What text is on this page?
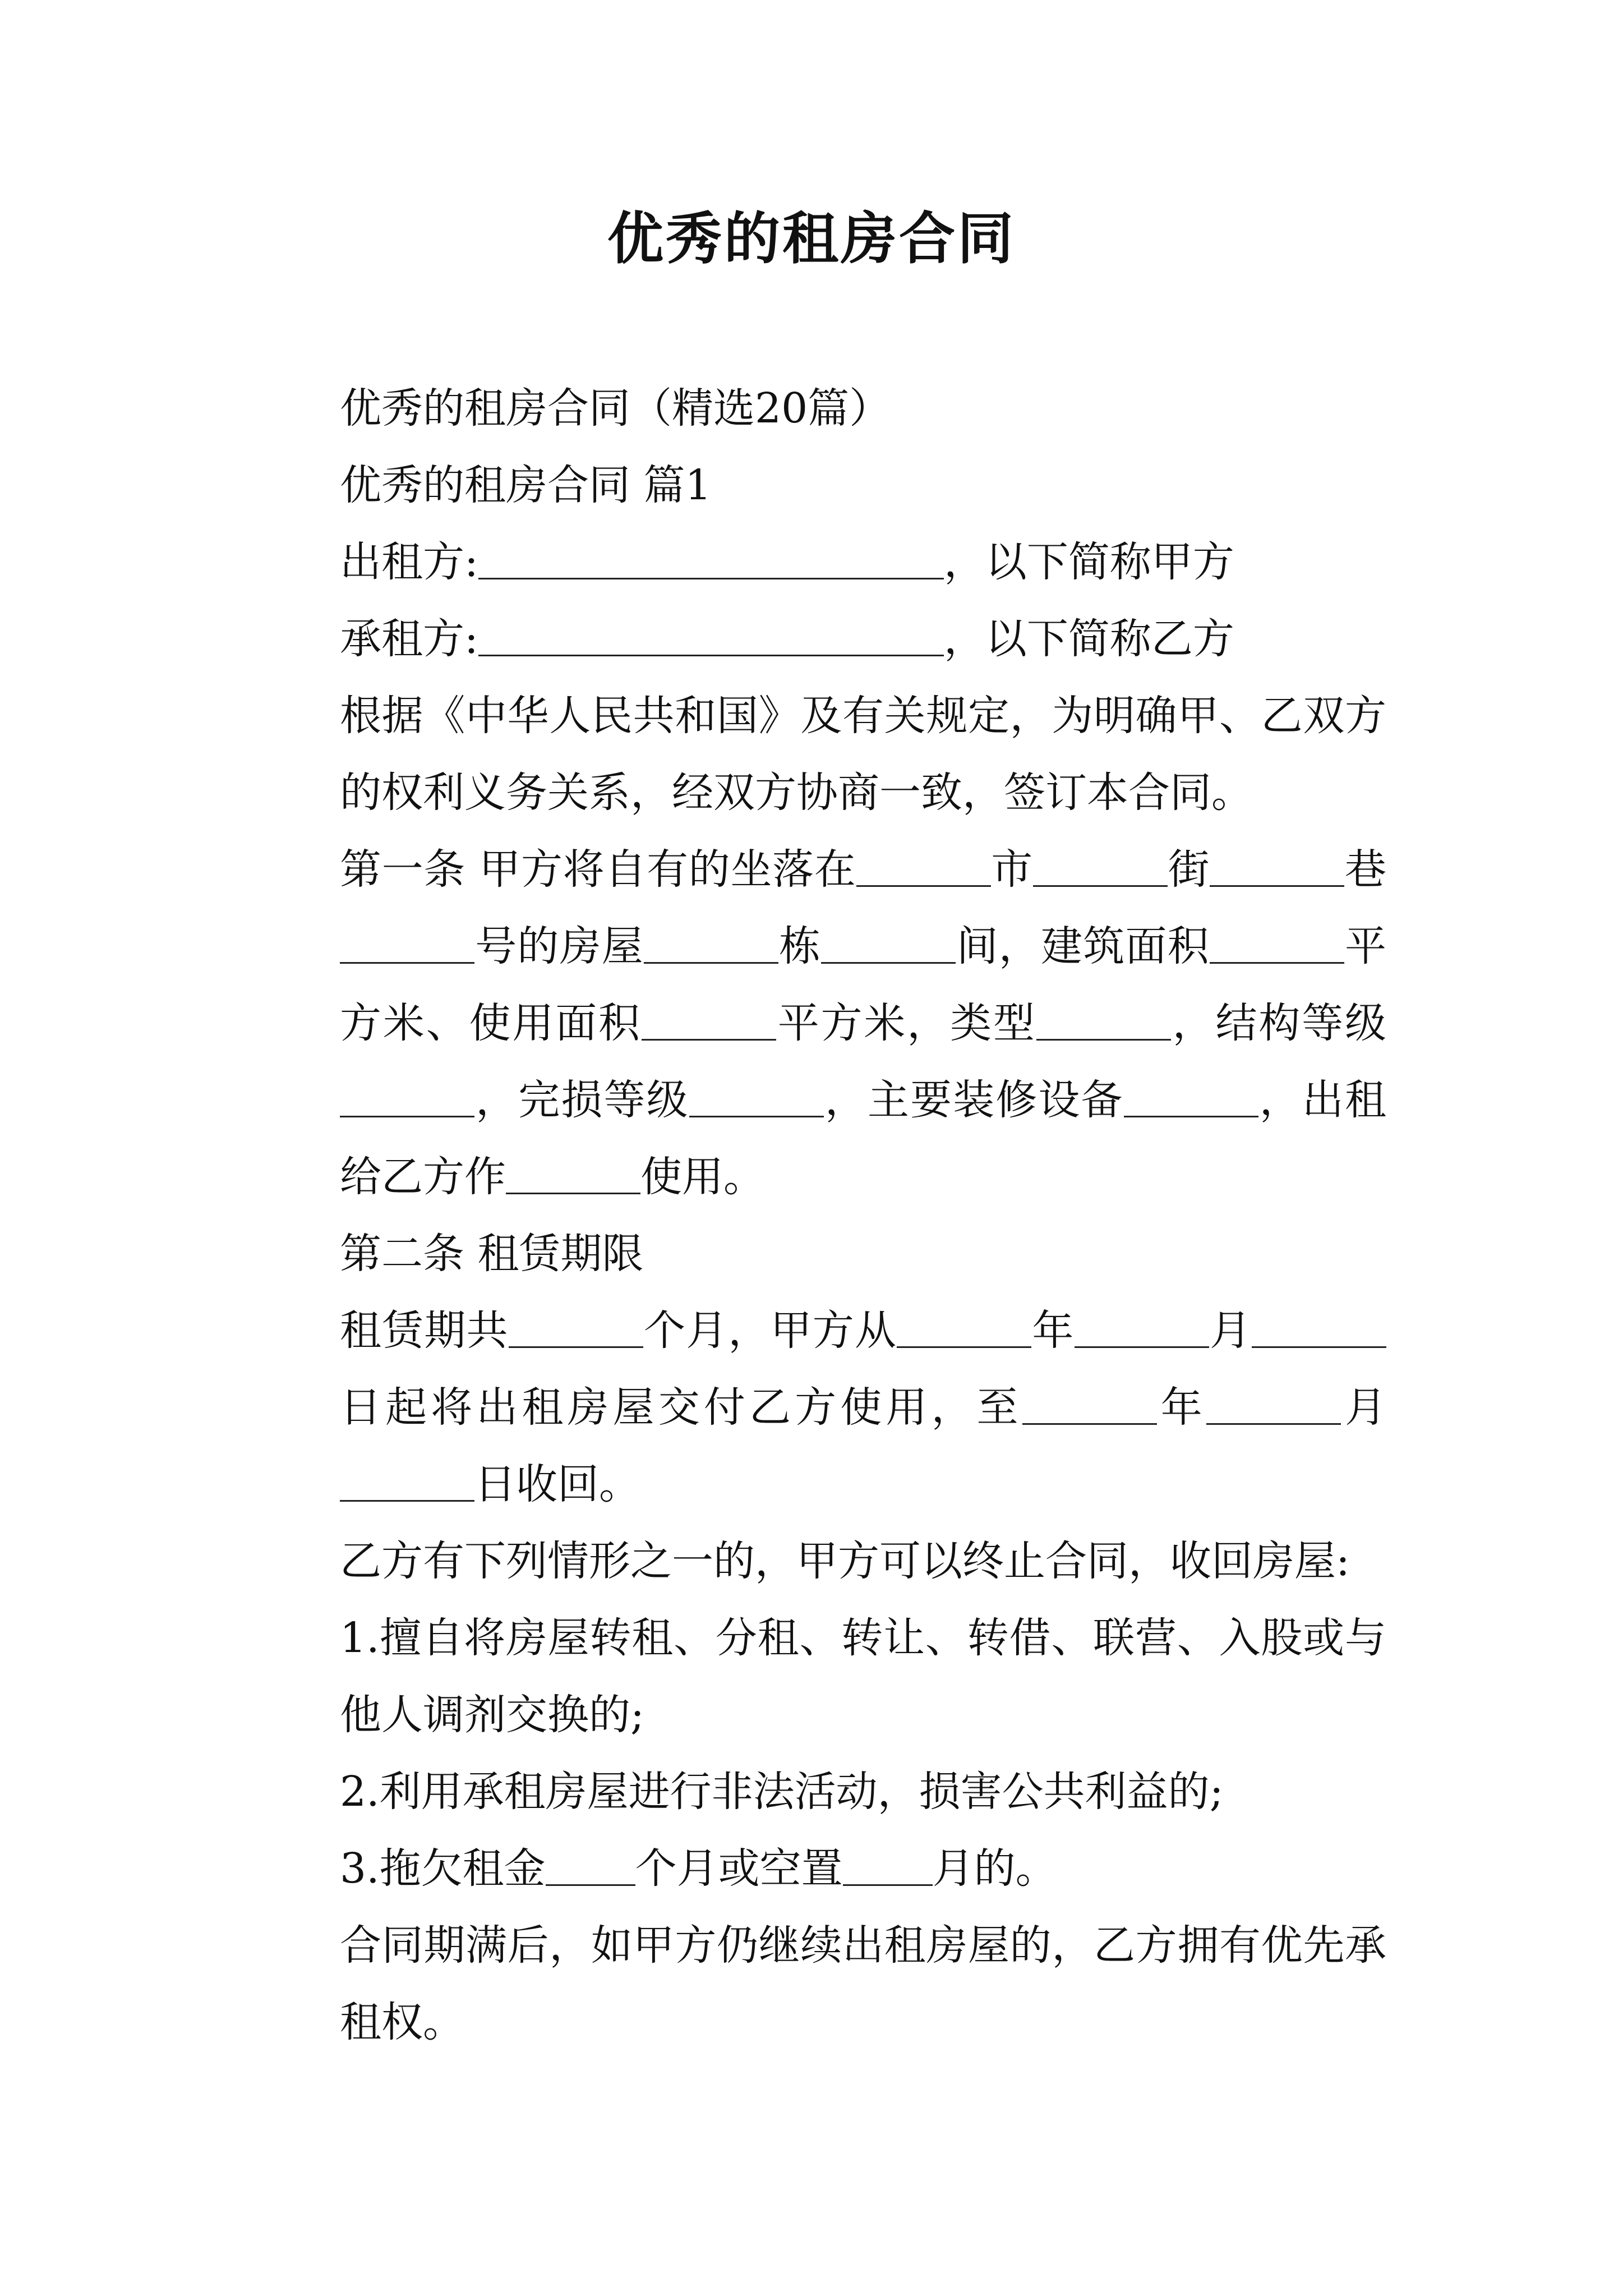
优秀的租房合同

优秀的租房合同（精选20篇）

优秀的租房合同 篇1

出租方:	，以下简称甲方

承租方:	，以下简称乙方

根据《中华人民共和国》及有关规定，为明确甲、乙双方的权利义务关系，经双方协商一致，签订本合同。

第一条 甲方将自有的坐落在	市	街	巷号的房屋	栋	间，建筑面积	平方米、使用面积	平方米，类型	，结构等级，完损等级	，主要装修设备	，出租给乙方作	使用。

第二条 租赁期限

租赁期共	个月，甲方从	年	月日起将出租房屋交付乙方使用，至	年	月日收回。

乙方有下列情形之一的，甲方可以终止合同，收回房屋:

1.擅自将房屋转租、分租、转让、转借、联营、入股或与他人调剂交换的;

2.利用承租房屋进行非法活动，损害公共利益的;

3.拖欠租金 个月或空置 月的。

合同期满后，如甲方仍继续出租房屋的，乙方拥有优先承租权。
